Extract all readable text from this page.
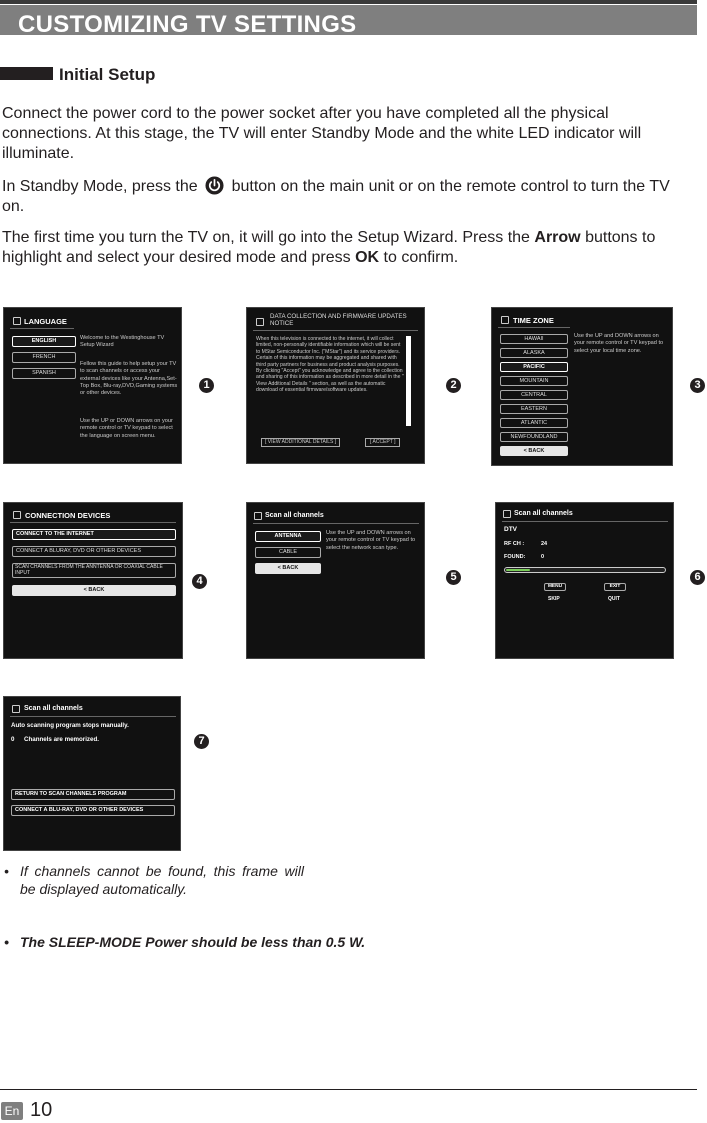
CUSTOMIZING TV SETTINGS
Initial Setup
Connect the power cord to the power socket after you have completed all the physical connections. At this stage, the TV will enter Standby Mode and the white LED indicator will illuminate.
In Standby Mode, press the button on the main unit or on the remote control to turn the TV on.
The first time you turn the TV on, it will go into the Setup Wizard. Press the Arrow buttons to highlight and select your desired mode and press OK to confirm.
LANGUAGE
ENGLISH
FRENCH
SPANISH
Welcome to the Westinghouse TV Setup Wizard
Fellow this guide to help setup your TV to scan channels or access your external devices like your Antenna,Set-Top Box, Blu-ray,DVD,Gaming systems or other devices.
Use the UP or DOWN arrows on your remote control or TV keypad to select the language on screen menu.
1
DATA COLLECTION AND FIRMWARE UPDATES NOTICE
When this television is connected to the internet, it will collect limited, non-personally identifiable information which will be sent to MStar Semiconductor Inc. ("MStar") and its service providers. Certain of this information may be aggregated and shared with third party partners for business and product analysis purposes. By clicking "Accept" you acknowledge and agree to the collection and sharing of this information as described in more detail in the " View Additional Details " section, as well as the automatic download of essential firmware/software updates.
[ VIEW ADDITIONAL DETAILS ]	[ ACCEPT ]
2
TIME ZONE
HAWAII
ALASKA
PACIFIC
MOUNTAIN
CENTRAL
EASTERN
ATLANTIC
NEWFOUNDLAND
< BACK
Use the UP and DOWN arrows on your remote control or TV keypad to select your local time zone.
3
CONNECTION DEVICES
CONNECT TO THE INTERNET
CONNECT A BLURAY, DVD OR OTHER DEVICES
SCAN CHANNELS FROM THE ANNTENNA OR COAXIAL CABLE INPUT
< BACK
4
Scan all channels
ANTENNA
CABLE
< BACK
Use the UP and DOWN arrows on your remote control or TV keypad to select the network scan type.
5
Scan all channels
DTV
RF CH :	24
FOUND:	0
MENU
SKIP
EXIT
QUIT
6
Scan all channels
Auto scanning program stops manually.
0 Channels are memorized.
RETURN TO SCAN CHANNELS PROGRAM
CONNECT A BLU-RAY, DVD OR OTHER DEVICES
7
• If channels cannot be found, this frame will be displayed automatically.
• The SLEEP-MODE Power should be less than 0.5 W.
En 10
